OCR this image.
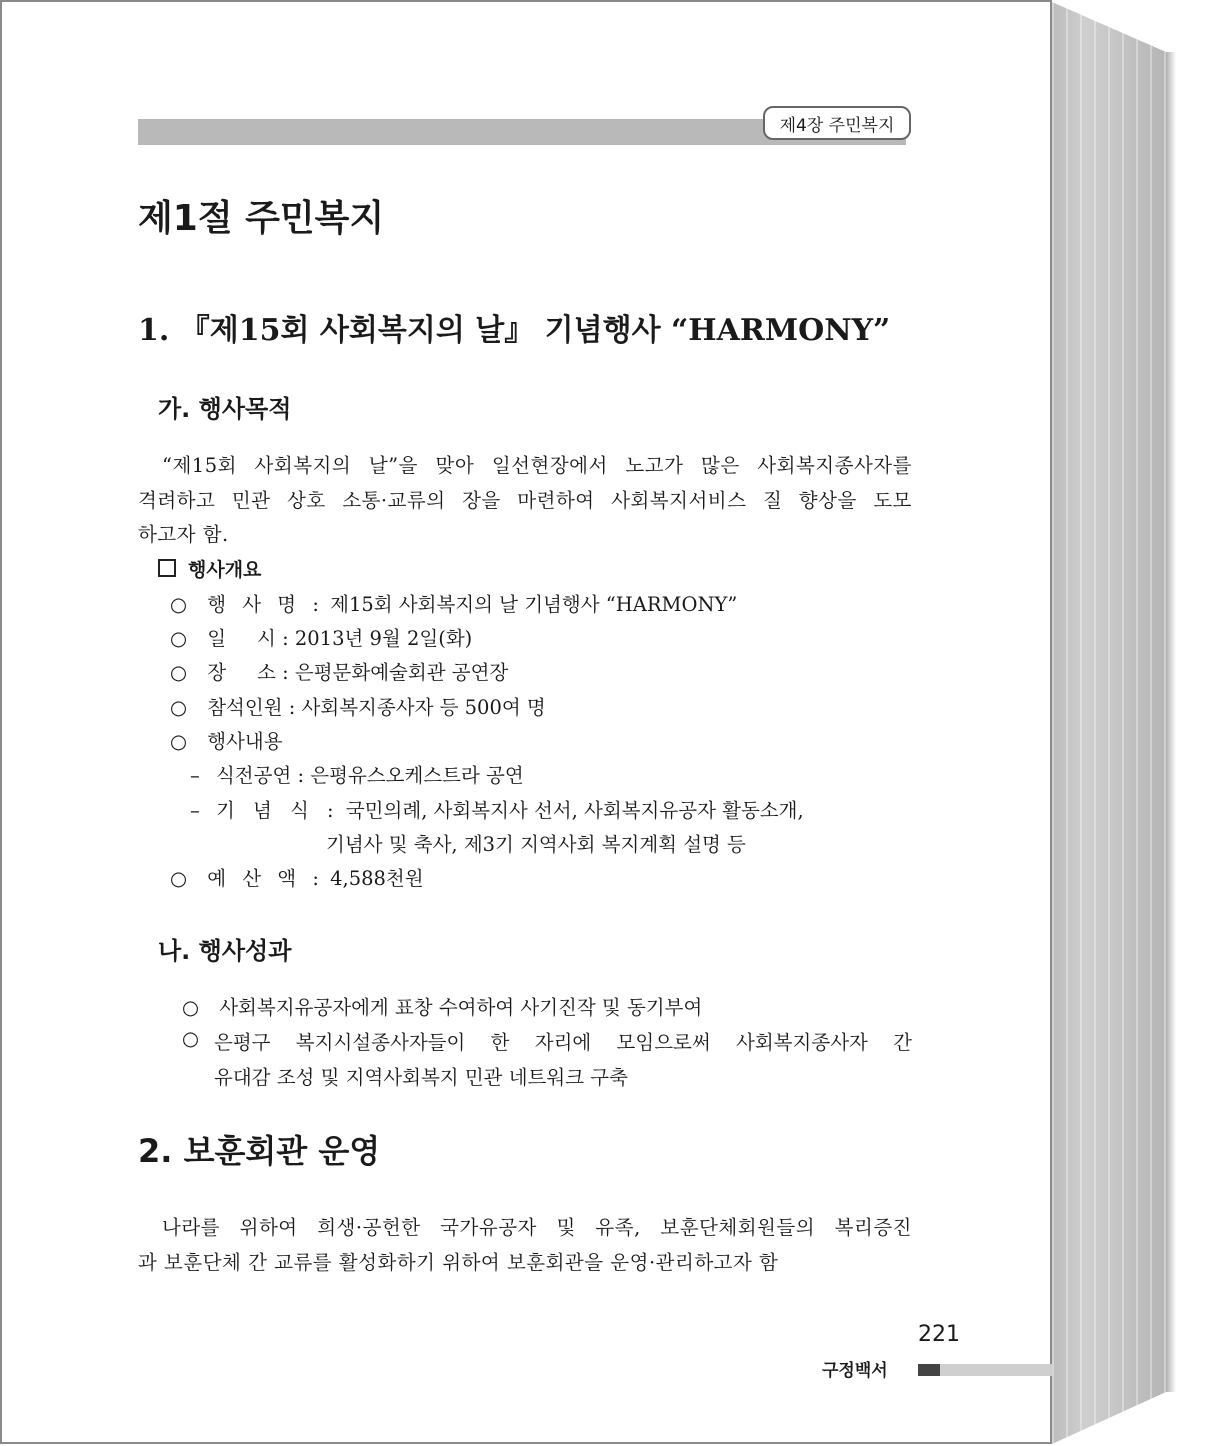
제4장 주민복지
제1절 주민복지
1. 『제15회 사회복지의 날』 기념행사 “HARMONY”
가. 행사목적
“제15회 사회복지의 날”을 맞아 일선현장에서 노고가 많은 사회복지종사자를
격려하고 민관 상호 소통·교류의 장을 마련하여 사회복지서비스 질 향상을 도모
하고자 함.
행사개요
○ 행 사 명 : 제15회 사회복지의 날 기념행사 “HARMONY”
○ 일     시 : 2013년 9월 2일(화)
○ 장     소 : 은평문화예술회관 공연장
○ 참석인원 : 사회복지종사자 등 500여 명
○ 행사내용
– 식전공연 : 은평유스오케스트라 공연
– 기 념 식 : 국민의례, 사회복지사 선서, 사회복지유공자 활동소개,
기념사 및 축사, 제3기 지역사회 복지계획 설명 등
○ 예 산 액 : 4,588천원
나. 행사성과
○ 사회복지유공자에게 표창 수여하여 사기진작 및 동기부여
○ 은평구 복지시설종사자들이 한 자리에 모임으로써 사회복지종사자 간
유대감 조성 및 지역사회복지 민관 네트워크 구축
2. 보훈회관 운영
나라를 위하여 희생·공헌한 국가유공자 및 유족, 보훈단체회원들의 복리증진
과 보훈단체 간 교류를 활성화하기 위하여 보훈회관을 운영·관리하고자 함
221
구정백서
